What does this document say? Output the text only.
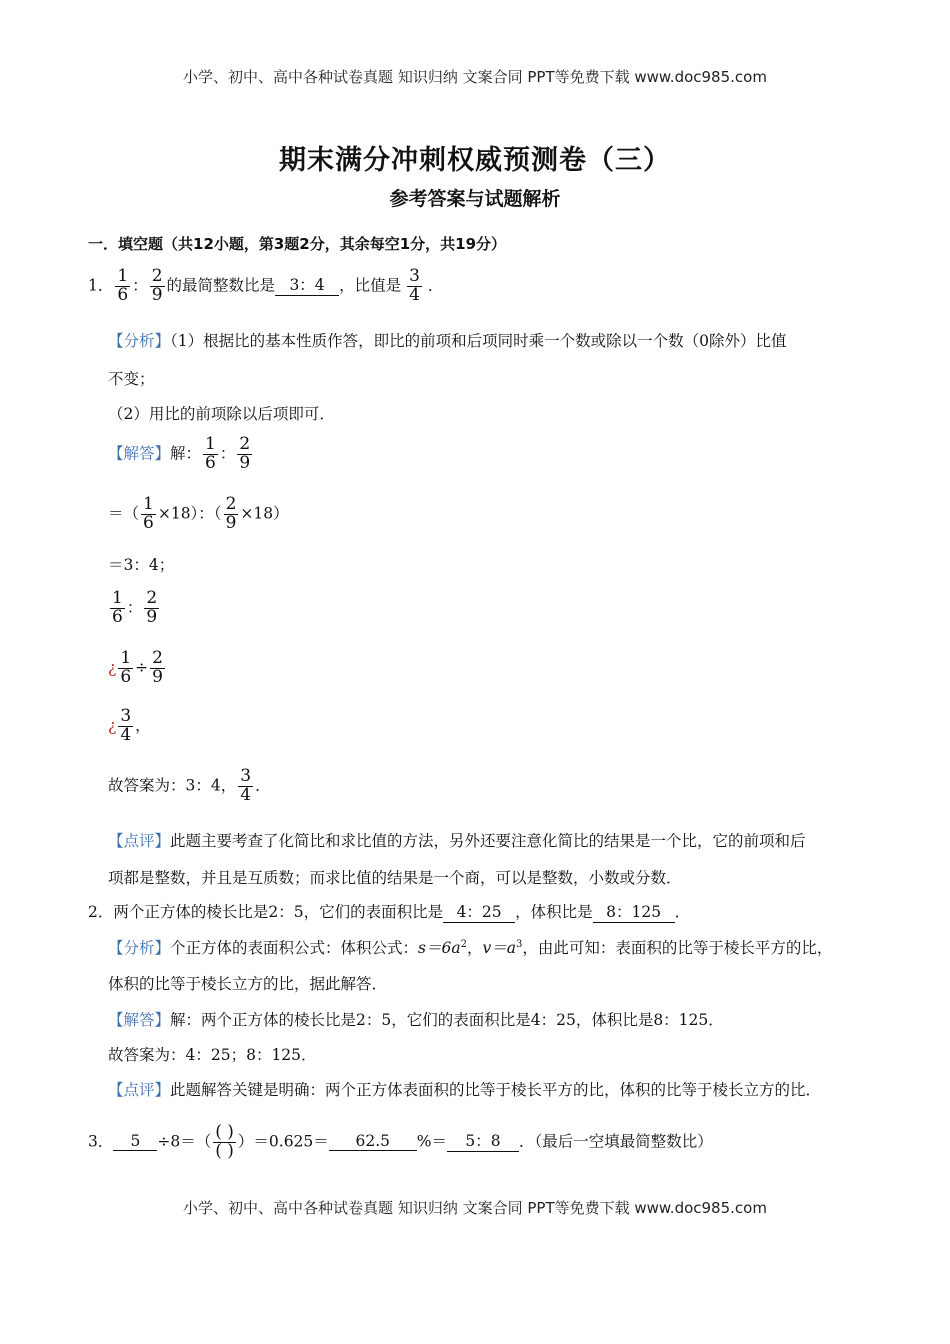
小学、初中、高中各种试卷真题 知识归纳 文案合同 PPT等免费下载 www.doc985.com
期末满分冲刺权威预测卷（三）
参考答案与试题解析
一．填空题（共12小题，第3题2分，其余每空1分，共19分）
1． $\frac{1}{6}$ ： $\frac{2}{9}$ 的最简整数比是 3：4 ，比值是 $\frac{3}{4}$ ．
【分析】（1）根据比的基本性质作答，即比的前项和后项同时乘一个数或除以一个数（0除外）比值
不变；
（2）用比的前项除以后项即可．
【解答】解： $\frac{1}{6}$ ： $\frac{2}{9}$
＝（ $\frac{1}{6} \times 18$）：（ $\frac{2}{9} \times 18$）
＝3：4；
$\frac{1}{6}$ ： $\frac{2}{9}$
¿ $\frac{1}{6} \div \frac{2}{9}$
¿ $\frac{3}{4}$ ，
故答案为：3：4， $\frac{3}{4}$ ．
【点评】此题主要考查了化简比和求比值的方法，另外还要注意化简比的结果是一个比，它的前项和后
项都是整数，并且是互质数；而求比值的结果是一个商，可以是整数，小数或分数．
2．两个正方体的棱长比是2：5，它们的表面积比是 4：25 ，体积比是 8：125 ．
【分析】个正方体的表面积公式：体积公式：$s=6a^2$，$v=a^3$，由此可知：表面积的比等于棱长平方的比，
体积的比等于棱长立方的比，据此解答．
【解答】解：两个正方体的棱长比是2：5，它们的表面积比是4：25，体积比是8：125．
故答案为：4：25；8：125．
【点评】此题解答关键是明确：两个正方体表面积的比等于棱长平方的比，体积的比等于棱长立方的比．
3． $5 \div 8=( \frac{( )}{( )} )=0.625= 62.5$ %＝ 5：8 ．（最后一空填最简整数比）
小学、初中、高中各种试卷真题 知识归纳 文案合同 PPT等免费下载 www.doc985.com
